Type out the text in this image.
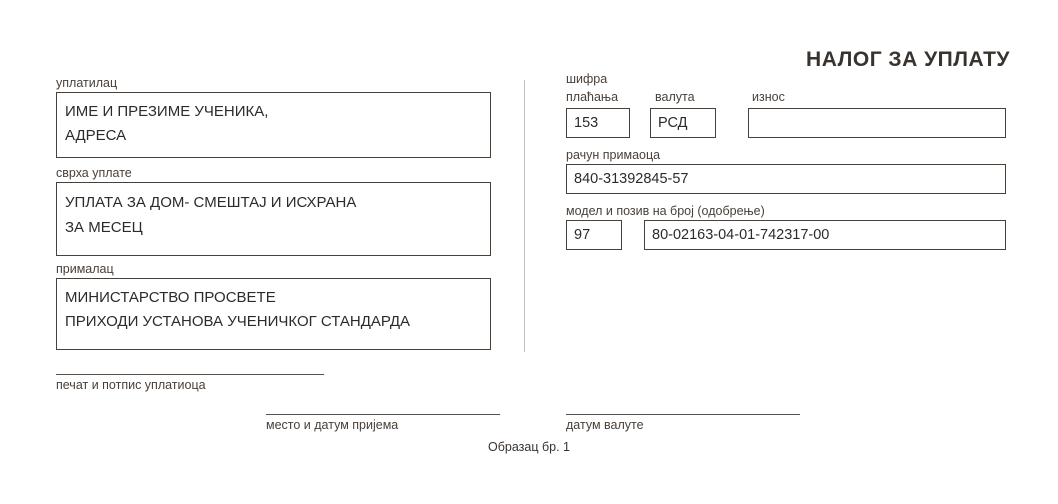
НАЛОГ ЗА УПЛАТУ
уплатилац
ИМЕ И ПРЕЗИМЕ УЧЕНИКА,
АДРЕСА
сврха уплате
УПЛАТА ЗА ДОМ- СМЕШТАЈ И ИСХРАНА
ЗА МЕСЕЦ
прималац
МИНИСТАРСТВО ПРОСВЕТЕ
ПРИХОДИ УСТАНОВА УЧЕНИЧКОГ СТАНДАРДА
печат и потпис уплатиоца
шифра
плаћања	валута	износ
153	РСД
рачун примаоца
840-31392845-57
модел и позив на број (одобрење)
97	80-02163-04-01-742317-00
место и датум пријема	датум валуте
Образац бр. 1
